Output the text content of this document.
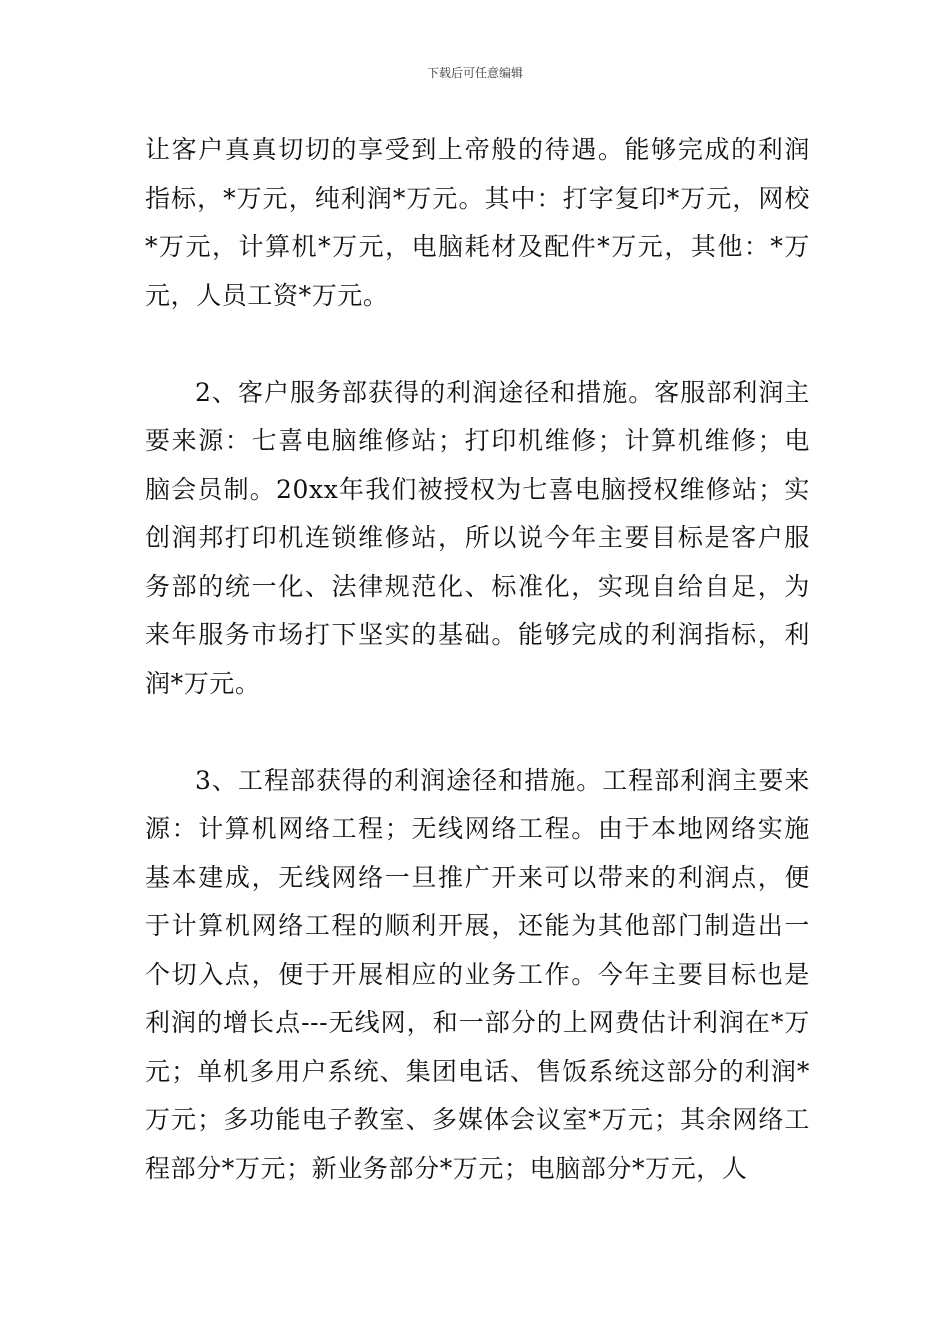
下载后可任意编辑

让客户真真切切的享受到上帝般的待遇。能够完成的利润指标，*万元，纯利润*万元。其中：打字复印*万元，网校*万元，计算机*万元，电脑耗材及配件*万元，其他：*万元，人员工资*万元。

2、客户服务部获得的利润途径和措施。客服部利润主要来源：七喜电脑维修站；打印机维修；计算机维修；电脑会员制。20xx年我们被授权为七喜电脑授权维修站；实创润邦打印机连锁维修站，所以说今年主要目标是客户服务部的统一化、法律规范化、标准化，实现自给自足，为来年服务市场打下坚实的基础。能够完成的利润指标，利润*万元。

3、工程部获得的利润途径和措施。工程部利润主要来源：计算机网络工程；无线网络工程。由于本地网络实施基本建成，无线网络一旦推广开来可以带来的利润点，便于计算机网络工程的顺利开展，还能为其他部门制造出一个切入点，便于开展相应的业务工作。今年主要目标也是利润的增长点---无线网，和一部分的上网费估计利润在*万元；单机多用户系统、集团电话、售饭系统这部分的利润*万元；多功能电子教室、多媒体会议室*万元；其余网络工程部分*万元；新业务部分*万元；电脑部分*万元，人
